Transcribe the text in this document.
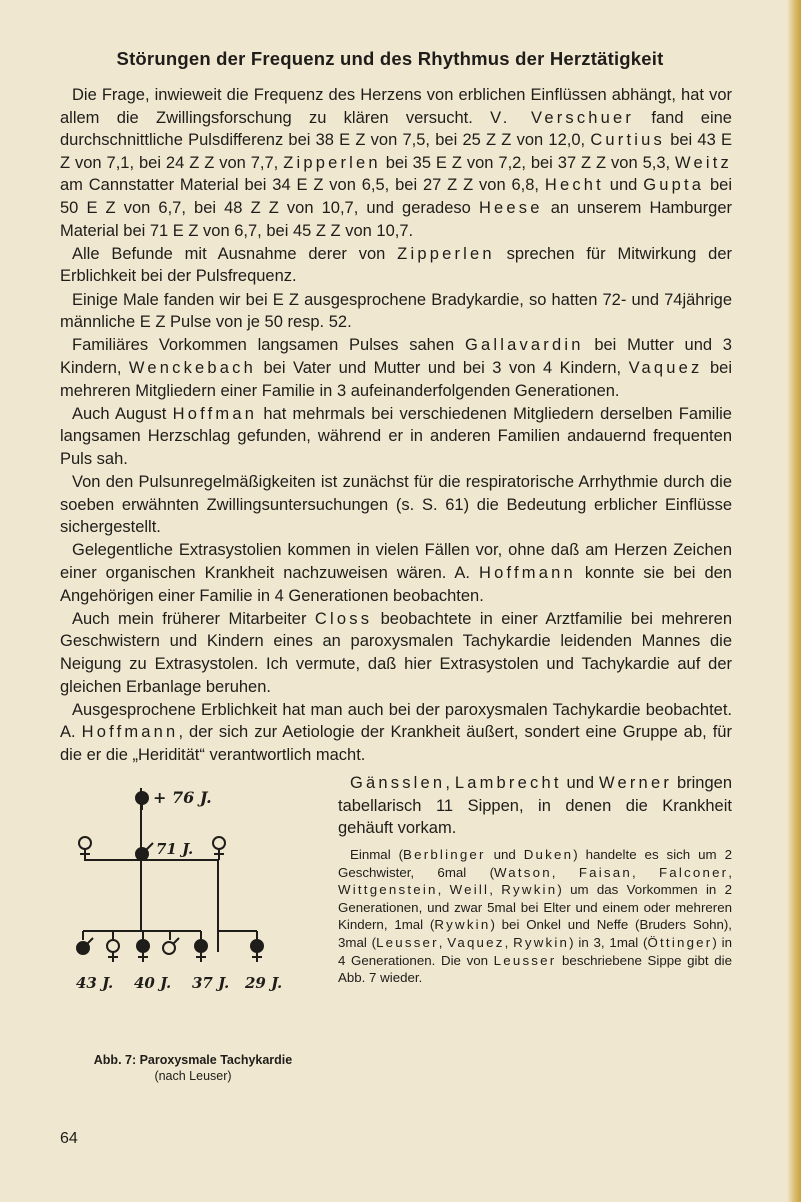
Störungen der Frequenz und des Rhythmus der Herztätigkeit

Die Frage, inwieweit die Frequenz des Herzens von erblichen Einflüssen abhängt, hat vor allem die Zwillingsforschung zu klären versucht. V. Verschuer fand eine durchschnittliche Pulsdifferenz bei 38 E Z von 7,5, bei 25 Z Z von 12,0, Curtius bei 43 E Z von 7,1, bei 24 Z Z von 7,7, Zipperlen bei 35 E Z von 7,2, bei 37 Z Z von 5,3, Weitz am Cannstatter Material bei 34 E Z von 6,5, bei 27 Z Z von 6,8, Hecht und Gupta bei 50 E Z von 6,7, bei 48 Z Z von 10,7, und geradeso Heese an unserem Hamburger Material bei 71 E Z von 6,7, bei 45 Z Z von 10,7.

Alle Befunde mit Ausnahme derer von Zipperlen sprechen für Mitwirkung der Erblichkeit bei der Pulsfrequenz.

Einige Male fanden wir bei E Z ausgesprochene Bradykardie, so hatten 72- und 74jährige männliche E Z Pulse von je 50 resp. 52.

Familiäres Vorkommen langsamen Pulses sahen Gallavardin bei Mutter und 3 Kindern, Wenckebach bei Vater und Mutter und bei 3 von 4 Kindern, Vaquez bei mehreren Mitgliedern einer Familie in 3 aufeinanderfolgenden Generationen.

Auch August Hoffman hat mehrmals bei verschiedenen Mitgliedern derselben Familie langsamen Herzschlag gefunden, während er in anderen Familien andauernd frequenten Puls sah.

Von den Pulsunregelmäßigkeiten ist zunächst für die respiratorische Arrhythmie durch die soeben erwähnten Zwillingsuntersuchungen (s. S. 61) die Bedeutung erblicher Einflüsse sichergestellt.

Gelegentliche Extrasystolien kommen in vielen Fällen vor, ohne daß am Herzen Zeichen einer organischen Krankheit nachzuweisen wären. A. Hoffmann konnte sie bei den Angehörigen einer Familie in 4 Generationen beobachten.

Auch mein früherer Mitarbeiter Closs beobachtete in einer Arztfamilie bei mehreren Geschwistern und Kindern eines an paroxysmalen Tachykardie leidenden Mannes die Neigung zu Extrasystolen. Ich vermute, daß hier Extrasystolen und Tachykardie auf der gleichen Erbanlage beruhen.

Ausgesprochene Erblichkeit hat man auch bei der paroxysmalen Tachykardie beobachtet. A. Hoffmann, der sich zur Aetiologie der Krankheit äußert, sondert eine Gruppe ab, für die er die „Heridität“ verantwortlich macht.

Gänsslen, Lambrecht und Werner bringen tabellarisch 11 Sippen, in denen die Krankheit gehäuft vorkam.

Einmal (Berblinger und Duken) handelte es sich um 2 Geschwister, 6mal (Watson, Faisan, Falconer, Wittgenstein, Weill, Rywkin) um das Vorkommen in 2 Generationen, und zwar 5mal bei Elter und einem oder mehreren Kindern, 1mal (Rywkin) bei Onkel und Neffe (Bruders Sohn), 3mal (Leusser, Vaquez, Rywkin) in 3, 1mal (Öttinger) in 4 Generationen. Die von Leusser beschriebene Sippe gibt die Abb. 7 wieder.

+ 76 J.
71 J.
43 J. 40 J. 37 J. 29 J.
Abb. 7: Paroxysmale Tachykardie
(nach Leuser)
64
